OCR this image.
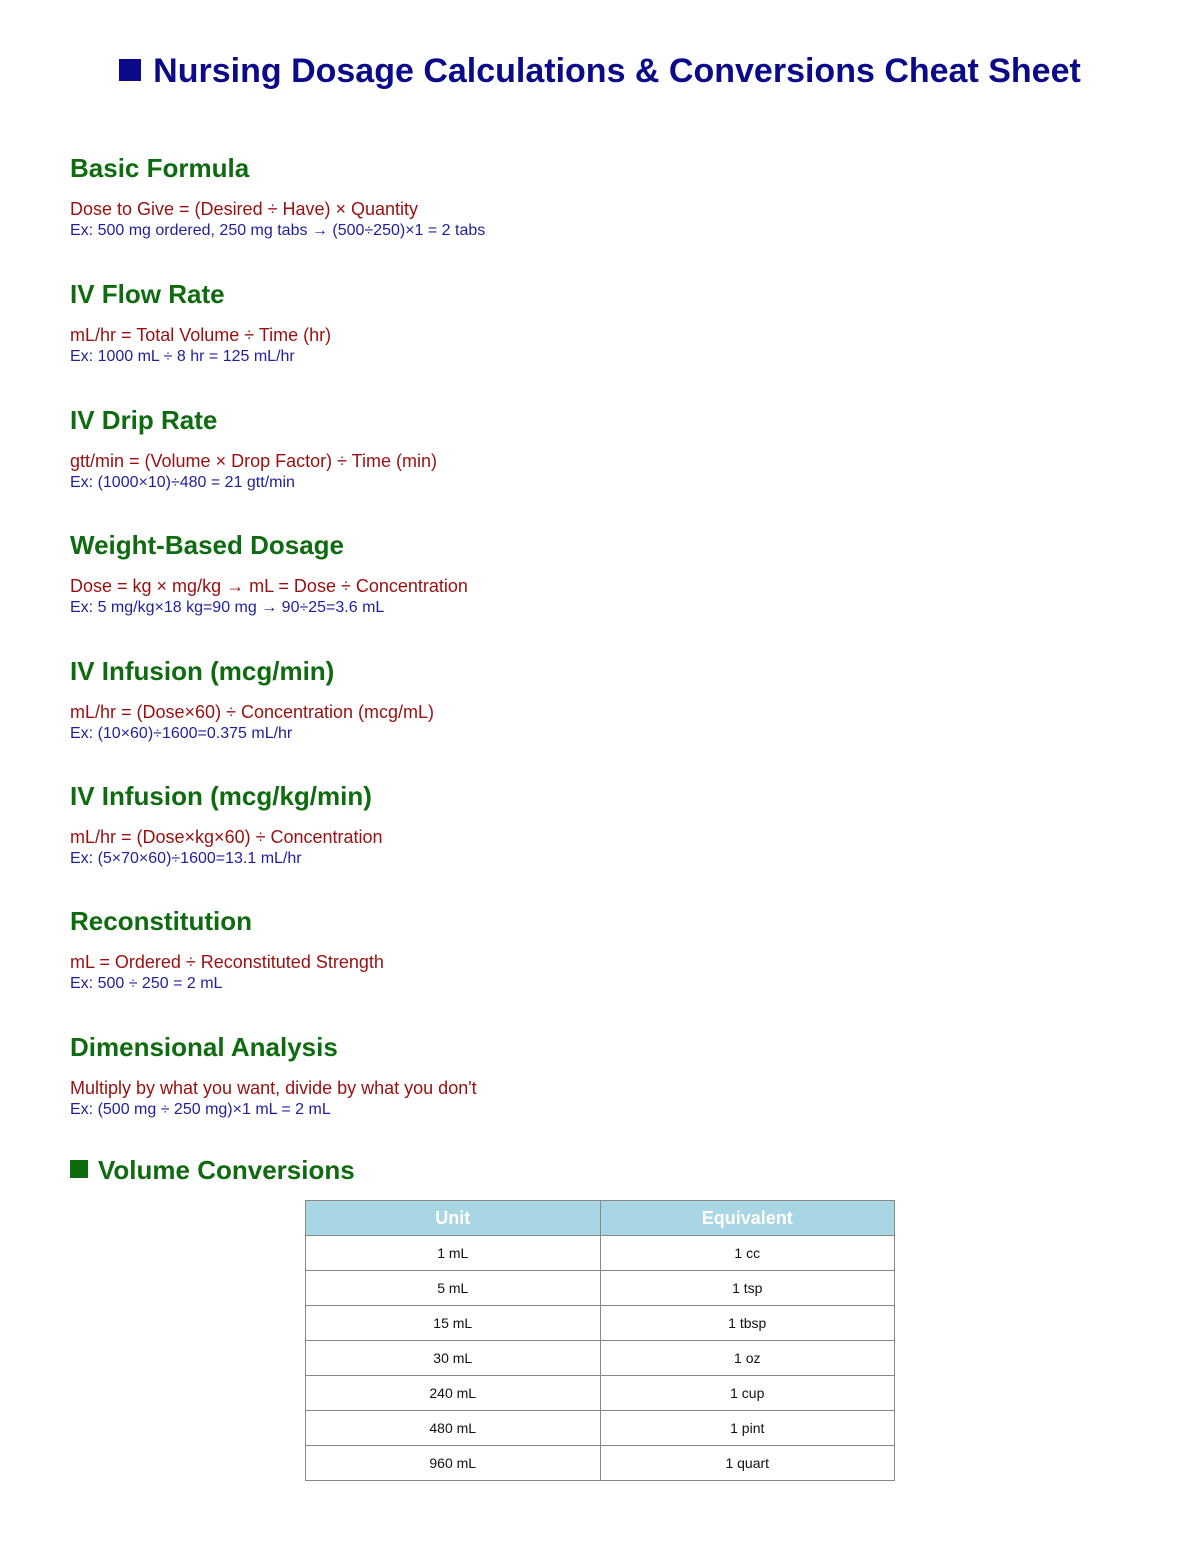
Nursing Dosage Calculations & Conversions Cheat Sheet
Basic Formula
Dose to Give = (Desired ÷ Have) × Quantity
Ex: 500 mg ordered, 250 mg tabs → (500÷250)×1 = 2 tabs
IV Flow Rate
mL/hr = Total Volume ÷ Time (hr)
Ex: 1000 mL ÷ 8 hr = 125 mL/hr
IV Drip Rate
gtt/min = (Volume × Drop Factor) ÷ Time (min)
Ex: (1000×10)÷480 = 21 gtt/min
Weight-Based Dosage
Dose = kg × mg/kg → mL = Dose ÷ Concentration
Ex: 5 mg/kg×18 kg=90 mg → 90÷25=3.6 mL
IV Infusion (mcg/min)
mL/hr = (Dose×60) ÷ Concentration (mcg/mL)
Ex: (10×60)÷1600=0.375 mL/hr
IV Infusion (mcg/kg/min)
mL/hr = (Dose×kg×60) ÷ Concentration
Ex: (5×70×60)÷1600=13.1 mL/hr
Reconstitution
mL = Ordered ÷ Reconstituted Strength
Ex: 500 ÷ 250 = 2 mL
Dimensional Analysis
Multiply by what you want, divide by what you don't
Ex: (500 mg ÷ 250 mg)×1 mL = 2 mL
Volume Conversions
Unit	Equivalent
1 mL	1 cc
5 mL	1 tsp
15 mL	1 tbsp
30 mL	1 oz
240 mL	1 cup
480 mL	1 pint
960 mL	1 quart
